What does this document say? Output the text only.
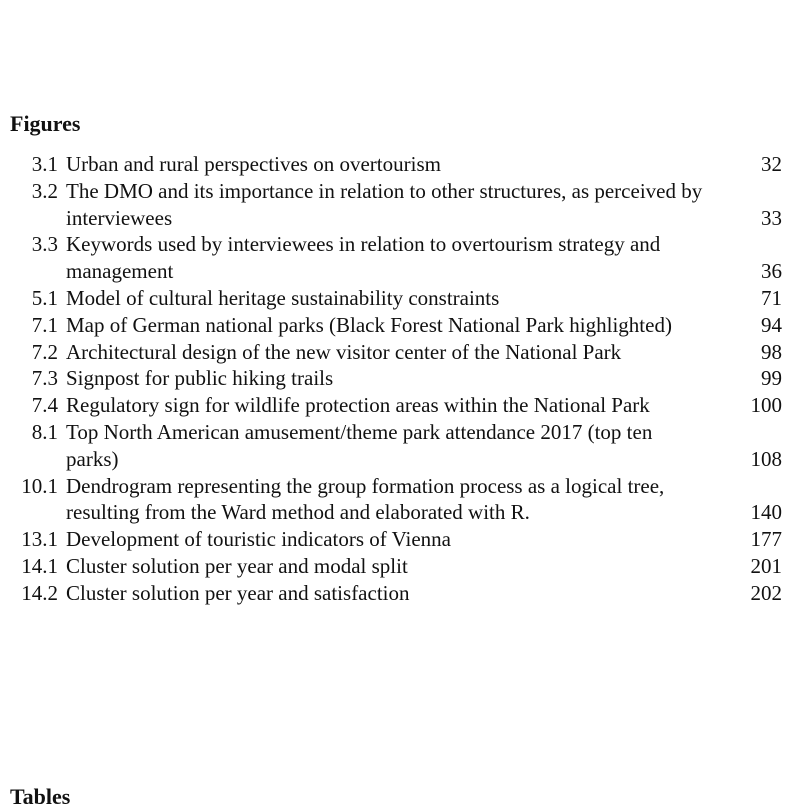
Figures
3.1 Urban and rural perspectives on overtourism	32
3.2 The DMO and its importance in relation to other structures, as perceived by interviewees	33
3.3 Keywords used by interviewees in relation to overtourism strategy and management	36
5.1 Model of cultural heritage sustainability constraints	71
7.1 Map of German national parks (Black Forest National Park highlighted)	94
7.2 Architectural design of the new visitor center of the National Park	98
7.3 Signpost for public hiking trails	99
7.4 Regulatory sign for wildlife protection areas within the National Park	100
8.1 Top North American amusement/theme park attendance 2017 (top ten parks)	108
10.1 Dendrogram representing the group formation process as a logical tree, resulting from the Ward method and elaborated with R.	140
13.1 Development of touristic indicators of Vienna	177
14.1 Cluster solution per year and modal split	201
14.2 Cluster solution per year and satisfaction	202
Tables
